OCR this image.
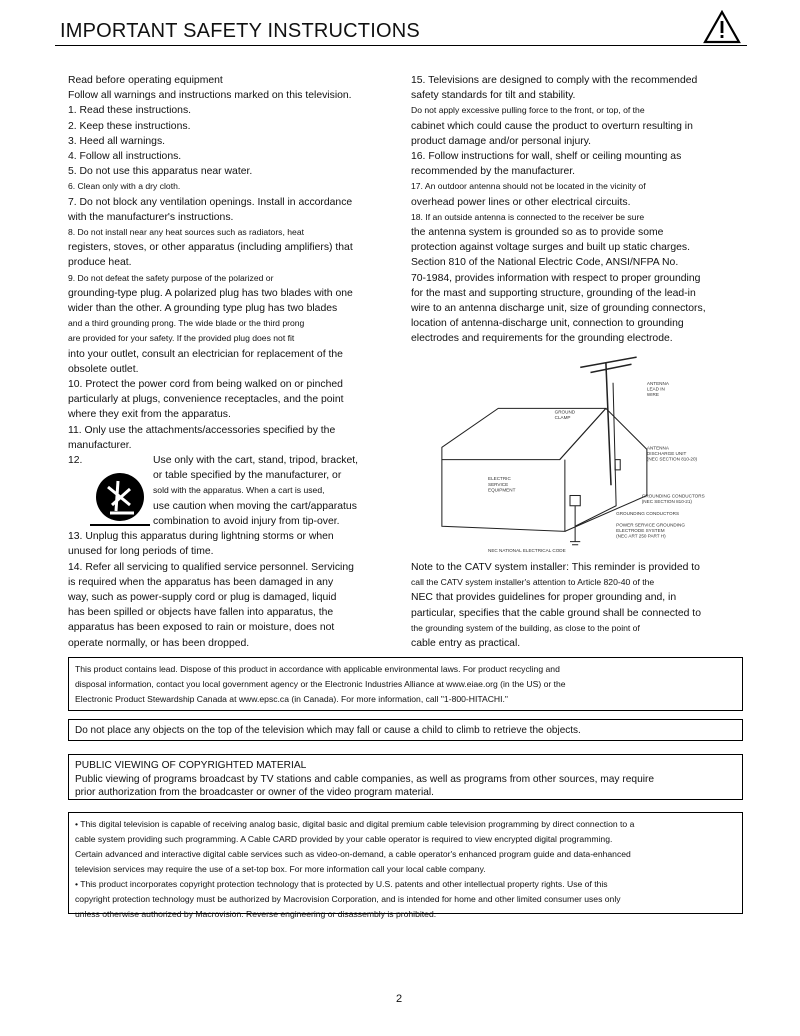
IMPORTANT SAFETY INSTRUCTIONS
Read before operating equipment
Follow all warnings and instructions marked on this television.
1. Read these instructions.
2. Keep these instructions.
3. Heed all warnings.
4. Follow all instructions.
5. Do not use this apparatus near water.
6. Clean only with a dry cloth.
7. Do not block any ventilation openings. Install in accordance
with the manufacturer's instructions.
8. Do not install near any heat sources such as radiators, heat
registers, stoves, or other apparatus (including amplifiers) that
produce heat.
9. Do not defeat the safety purpose of the polarized or
grounding-type plug. A polarized plug has two blades with one
wider than the other. A grounding type plug has two blades
and a third grounding prong. The wide blade or the third prong
are provided for your safety. If the provided plug does not fit
into your outlet, consult an electrician for replacement of the
obsolete outlet.
10. Protect the power cord from being walked on or pinched
particularly at plugs, convenience receptacles, and the point
where they exit from the apparatus.
11. Only use the attachments/accessories specified by the
manufacturer.
12.	Use only with the cart, stand, tripod, bracket,
or table specified by the manufacturer, or
sold with the apparatus. When a cart is used,
use caution when moving the cart/apparatus
combination to avoid injury from tip-over.
13. Unplug this apparatus during lightning storms or when
unused for long periods of time.
14. Refer all servicing to qualified service personnel. Servicing
is required when the apparatus has been damaged in any
way, such as power-supply cord or plug is damaged, liquid
has been spilled or objects have fallen into apparatus, the
apparatus has been exposed to rain or moisture, does not
operate normally, or has been dropped.
15. Televisions are designed to comply with the recommended
safety standards for tilt and stability.
Do not apply excessive pulling force to the front, or top, of the
cabinet which could cause the product to overturn resulting in
product damage and/or personal injury.
16. Follow instructions for wall, shelf or ceiling mounting as
recommended by the manufacturer.
17. An outdoor antenna should not be located in the vicinity of
overhead power lines or other electrical circuits.
18. If an outside antenna is connected to the receiver be sure
the antenna system is grounded so as to provide some
protection against voltage surges and built up static charges.
Section 810 of the National Electric Code, ANSI/NFPA No.
70-1984, provides information with respect to proper grounding
for the mast and supporting structure, grounding of the lead-in
wire to an antenna discharge unit, size of grounding connectors,
location of antenna-discharge unit, connection to grounding
electrodes and requirements for the grounding electrode.
ANTENNA
LEAD IN
WIRE
GROUND
CLAMP
ANTENNA
DISCHARGE UNIT
(NEC SECTION 810-20)
ELECTRIC
SERVICE
EQUIPMENT
GROUNDING CONDUCTORS
(NEC SECTION 810-21)
GROUNDING CONDUCTORS
POWER SERVICE GROUNDING
ELECTRODE SYSTEM
(NEC ART 250 PART H)
NEC NATIONAL ELECTRICAL CODE
Note to the CATV system installer: This reminder is provided to
call the CATV system installer's attention to Article 820-40 of the
NEC that provides guidelines for proper grounding and, in
particular, specifies that the cable ground shall be connected to
the grounding system of the building, as close to the point of
cable entry as practical.
This product contains lead. Dispose of this product in accordance with applicable environmental laws. For product recycling and
disposal information, contact you local government agency or the Electronic Industries Alliance at www.eiae.org (in the US) or the
Electronic Product Stewardship Canada at www.epsc.ca (in Canada). For more information, call "1-800-HITACHI."
Do not place any objects on the top of the television which may fall or cause a child to climb to retrieve the objects.
PUBLIC VIEWING OF COPYRIGHTED MATERIAL
Public viewing of programs broadcast by TV stations and cable companies, as well as programs from other sources, may require
prior authorization from the broadcaster or owner of the video program material.
• This digital television is capable of receiving analog basic, digital basic and digital premium cable television programming by direct connection to a
cable system providing such programming. A Cable CARD provided by your cable operator is required to view encrypted digital programming.
Certain advanced and interactive digital cable services such as video-on-demand, a cable operator's enhanced program guide and data-enhanced
television services may require the use of a set-top box. For more information call your local cable company.
• This product incorporates copyright protection technology that is protected by U.S. patents and other intellectual property rights. Use of this
copyright protection technology must be authorized by Macrovision Corporation, and is intended for home and other limited consumer uses only
unless otherwise authorized by Macrovision. Reverse engineering or disassembly is prohibited.
2
